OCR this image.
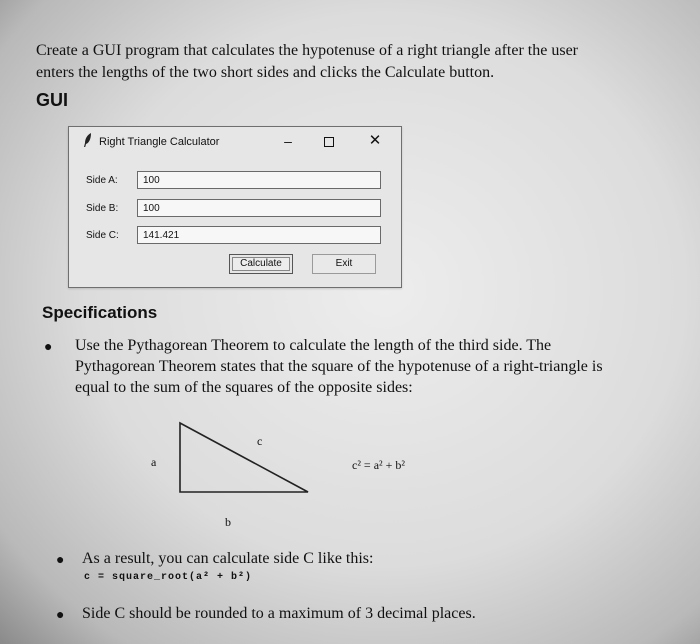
Create a GUI program that calculates the hypotenuse of a right triangle after the user
enters the lengths of the two short sides and clicks the Calculate button.
GUI
Right Triangle Calculator	–	✕
Side A:	100
Side B:	100
Side C:	141.421
Calculate	Exit
Specifications
● Use the Pythagorean Theorem to calculate the length of the third side. The
Pythagorean Theorem states that the square of the hypotenuse of a right-triangle is
equal to the sum of the squares of the opposite sides:
a
c
b
c² = a² + b²
● As a result, you can calculate side C like this:
c = square_root(a² + b²)
● Side C should be rounded to a maximum of 3 decimal places.
